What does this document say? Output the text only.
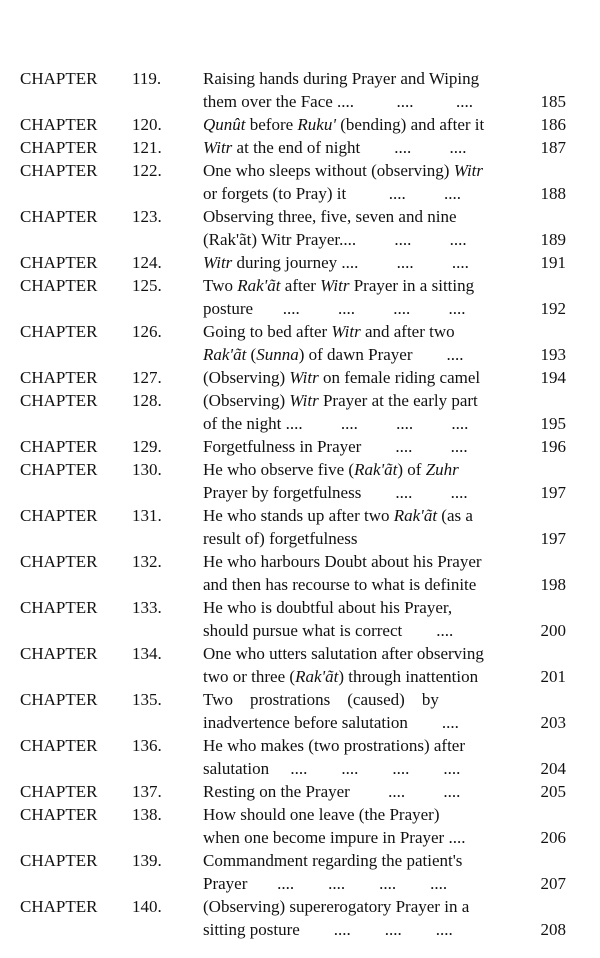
CHAPTER 119. Raising hands during Prayer and Wiping
them over the Face ....          ....          ....	185
CHAPTER 120. Qunût before Ruku' (bending) and after it	186
CHAPTER 121. Witr at the end of night        ....         ....	187
CHAPTER 122. One who sleeps without (observing) Witr
or forgets (to Pray) it          ....         ....	188
CHAPTER 123. Observing three, five, seven and nine
(Rak'ãt) Witr Prayer....         ....         ....	189
CHAPTER 124. Witr during journey ....         ....         ....	191
CHAPTER 125. Two Rak'ãt after Witr Prayer in a sitting
posture       ....         ....         ....         ....	192
CHAPTER 126. Going to bed after Witr and after two
Rak'ãt (Sunna) of dawn Prayer        ....	193
CHAPTER 127. (Observing) Witr on female riding camel	194
CHAPTER 128. (Observing) Witr Prayer at the early part
of the night ....         ....         ....         ....	195
CHAPTER 129. Forgetfulness in Prayer        ....         ....	196
CHAPTER 130. He who observe five (Rak'ãt) of Zuhr
Prayer by forgetfulness        ....         ....	197
CHAPTER 131. He who stands up after two Rak'ãt (as a
result of) forgetfulness	197
CHAPTER 132. He who harbours Doubt about his Prayer
and then has recourse to what is definite	198
CHAPTER 133. He who is doubtful about his Prayer,
should pursue what is correct        ....	200
CHAPTER 134. One who utters salutation after observing
two or three (Rak'ãt) through inattention	201
CHAPTER 135. Two    prostrations    (caused)    by
inadvertence before salutation        ....	203
CHAPTER 136. He who makes (two prostrations) after
salutation     ....        ....        ....        ....	204
CHAPTER 137. Resting on the Prayer         ....         ....	205
CHAPTER 138. How should one leave (the Prayer)
when one become impure in Prayer ....	206
CHAPTER 139. Commandment regarding the patient's
Prayer       ....        ....        ....        ....	207
CHAPTER 140. (Observing) supererogatory Prayer in a
sitting posture        ....        ....        ....	208
